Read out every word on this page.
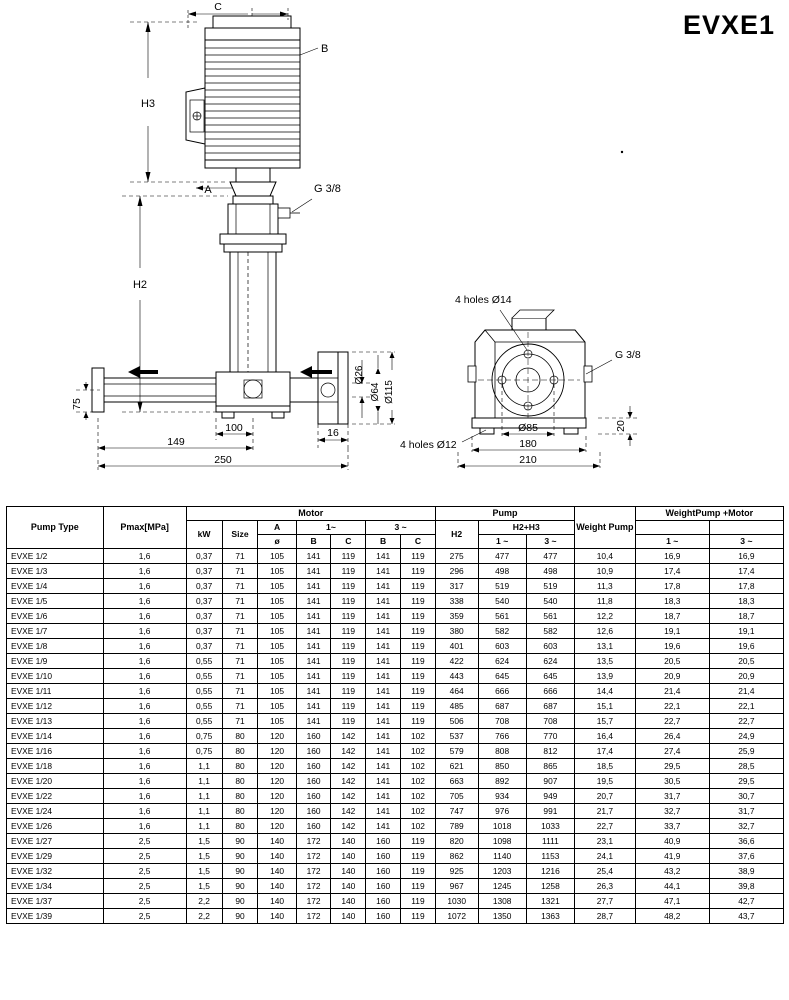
EVXE1
C
B
H3
A	G 3/8
H2
75
Ø26
Ø64 Ø115
100	16
149
250
4 holes Ø14
G 3/8
4 holes Ø12
Ø85
180
210
20
Pump Type	Pmax[MPa]	Motor							Pump			Weight Pump	WeightPump +Motor	
		kW	Size	A	1~		3 ~		H2	H2+H3				
					B	C	B	C		1 ~	3 ~			
				ø									1 ~	3 ~
EVXE 1/2	1,6	0,37	71	105	141	119	141	119	275	477	477	10,4	16,9	16,9
EVXE 1/3	1,6	0,37	71	105	141	119	141	119	296	498	498	10,9	17,4	17,4
EVXE 1/4	1,6	0,37	71	105	141	119	141	119	317	519	519	11,3	17,8	17,8
EVXE 1/5	1,6	0,37	71	105	141	119	141	119	338	540	540	11,8	18,3	18,3
EVXE 1/6	1,6	0,37	71	105	141	119	141	119	359	561	561	12,2	18,7	18,7
EVXE 1/7	1,6	0,37	71	105	141	119	141	119	380	582	582	12,6	19,1	19,1
EVXE 1/8	1,6	0,37	71	105	141	119	141	119	401	603	603	13,1	19,6	19,6
EVXE 1/9	1,6	0,55	71	105	141	119	141	119	422	624	624	13,5	20,5	20,5
EVXE 1/10	1,6	0,55	71	105	141	119	141	119	443	645	645	13,9	20,9	20,9
EVXE 1/11	1,6	0,55	71	105	141	119	141	119	464	666	666	14,4	21,4	21,4
EVXE 1/12	1,6	0,55	71	105	141	119	141	119	485	687	687	15,1	22,1	22,1
EVXE 1/13	1,6	0,55	71	105	141	119	141	119	506	708	708	15,7	22,7	22,7
EVXE 1/14	1,6	0,75	80	120	160	142	141	102	537	766	770	16,4	26,4	24,9
EVXE 1/16	1,6	0,75	80	120	160	142	141	102	579	808	812	17,4	27,4	25,9
EVXE 1/18	1,6	1,1	80	120	160	142	141	102	621	850	865	18,5	29,5	28,5
EVXE 1/20	1,6	1,1	80	120	160	142	141	102	663	892	907	19,5	30,5	29,5
EVXE 1/22	1,6	1,1	80	120	160	142	141	102	705	934	949	20,7	31,7	30,7
EVXE 1/24	1,6	1,1	80	120	160	142	141	102	747	976	991	21,7	32,7	31,7
EVXE 1/26	1,6	1,1	80	120	160	142	141	102	789	1018	1033	22,7	33,7	32,7
EVXE 1/27	2,5	1,5	90	140	172	140	160	119	820	1098	1111	23,1	40,9	36,6
EVXE 1/29	2,5	1,5	90	140	172	140	160	119	862	1140	1153	24,1	41,9	37,6
EVXE 1/32	2,5	1,5	90	140	172	140	160	119	925	1203	1216	25,4	43,2	38,9
EVXE 1/34	2,5	1,5	90	140	172	140	160	119	967	1245	1258	26,3	44,1	39,8
EVXE 1/37	2,5	2,2	90	140	172	140	160	119	1030	1308	1321	27,7	47,1	42,7
EVXE 1/39	2,5	2,2	90	140	172	140	160	119	1072	1350	1363	28,7	48,2	43,7
